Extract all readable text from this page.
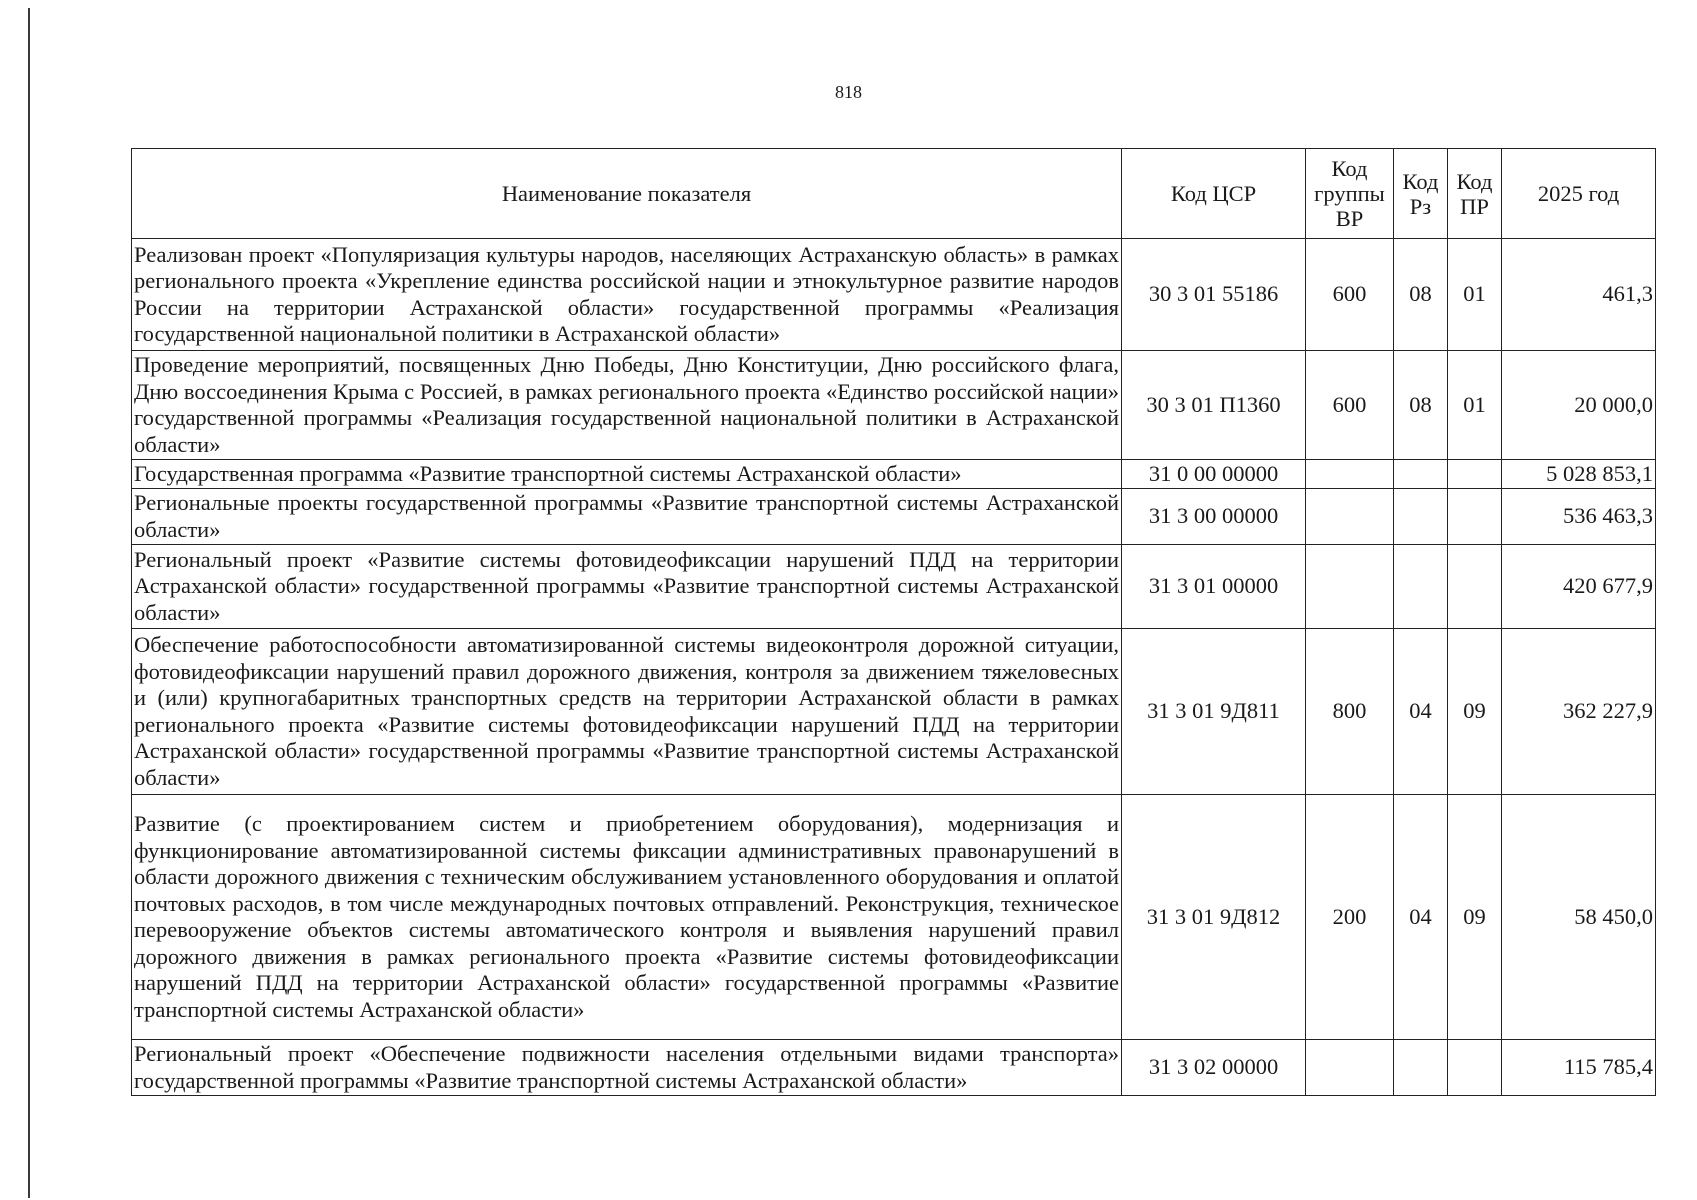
818
Наименование показателя	Код ЦСР	Код группы ВР	Код Рз	Код ПР	2025 год
Реализован проект «Популяризация культуры народов, населяющих Астраханскую область» в рамках регионального проекта «Укрепление единства российской нации и этнокультурное развитие народов России на территории Астраханской области» государственной программы «Реализация государственной национальной политики в Астраханской области»	30 3 01 55186	600	08	01	461,3
Проведение мероприятий, посвященных Дню Победы, Дню Конституции, Дню российского флага, Дню воссоединения Крыма с Россией, в рамках регионального проекта «Единство российской нации» государственной программы «Реализация государственной национальной политики в Астраханской области»	30 3 01 П1360	600	08	01	20 000,0
Государственная программа «Развитие транспортной системы Астраханской области»	31 0 00 00000				5 028 853,1
Региональные проекты государственной программы «Развитие транспортной системы Астраханской области»	31 3 00 00000				536 463,3
Региональный проект «Развитие системы фотовидеофиксации нарушений ПДД на территории Астраханской области» государственной программы «Развитие транспортной системы Астраханской области»	31 3 01 00000				420 677,9
Обеспечение работоспособности автоматизированной системы видеоконтроля дорожной ситуации, фотовидеофиксации нарушений правил дорожного движения, контроля за движением тяжеловесных и (или) крупногабаритных транспортных средств на территории Астраханской области в рамках регионального проекта «Развитие системы фотовидеофиксации нарушений ПДД на территории Астраханской области» государственной программы «Развитие транспортной системы Астраханской области»	31 3 01 9Д811	800	04	09	362 227,9
Развитие (с проектированием систем и приобретением оборудования), модернизация и функционирование автоматизированной системы фиксации административных правонарушений в области дорожного движения с техническим обслуживанием установленного оборудования и оплатой почтовых расходов, в том числе международных почтовых отправлений. Реконструкция, техническое перевооружение объектов системы автоматического контроля и выявления нарушений правил дорожного движения в рамках регионального проекта «Развитие системы фотовидеофиксации нарушений ПДД на территории Астраханской области» государственной программы «Развитие транспортной системы Астраханской области»	31 3 01 9Д812	200	04	09	58 450,0
Региональный проект «Обеспечение подвижности населения отдельными видами транспорта» государственной программы «Развитие транспортной системы Астраханской области»	31 3 02 00000				115 785,4
